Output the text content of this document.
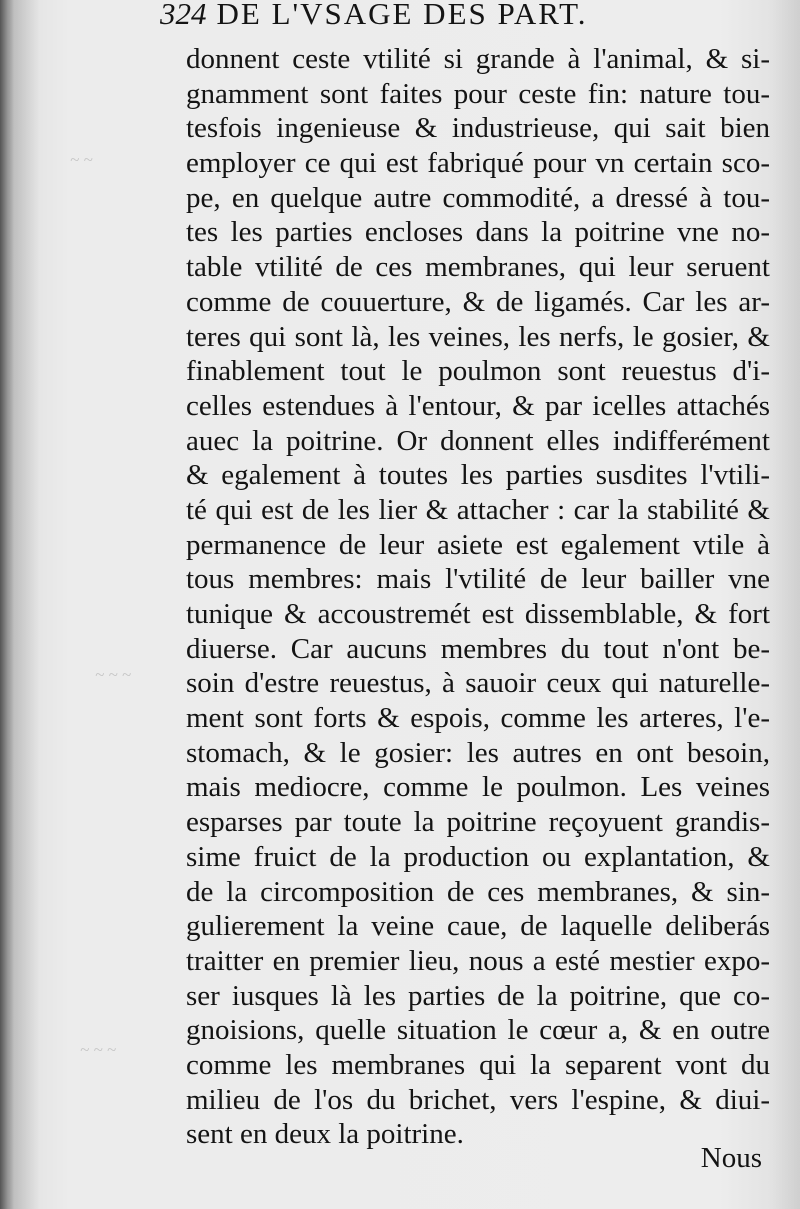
~ ~
~ ~ ~
~ ~ ~
324 DE L'VSAGE DES PART.
donnent ceste vtilité si grande à l'animal, & si-
gnamment sont faites pour ceste fin: nature tou-
tesfois ingenieuse & industrieuse, qui sait bien
employer ce qui est fabriqué pour vn certain sco-
pe, en quelque autre commodité, a dressé à tou-
tes les parties encloses dans la poitrine vne no-
table vtilité de ces membranes, qui leur seruent
comme de couuerture, & de ligamés. Car les ar-
teres qui sont là, les veines, les nerfs, le gosier, &
finablement tout le poulmon sont reuestus d'i-
celles estendues à l'entour, & par icelles attachés
auec la poitrine. Or donnent elles indifferément
& egalement à toutes les parties susdites l'vtili-
té qui est de les lier & attacher : car la stabilité &
permanence de leur asiete est egalement vtile à
tous membres: mais l'vtilité de leur bailler vne
tunique & accoustremét est dissemblable, & fort
diuerse. Car aucuns membres du tout n'ont be-
soin d'estre reuestus, à sauoir ceux qui naturelle-
ment sont forts & espois, comme les arteres, l'e-
stomach, & le gosier: les autres en ont besoin,
mais mediocre, comme le poulmon. Les veines
esparses par toute la poitrine reçoyuent grandis-
sime fruict de la production ou explantation, &
de la circomposition de ces membranes, & sin-
gulierement la veine caue, de laquelle deliberás
traitter en premier lieu, nous a esté mestier expo-
ser iusques là les parties de la poitrine, que co-
gnoisions, quelle situation le cœur a, & en outre
comme les membranes qui la separent vont du
milieu de l'os du brichet, vers l'espine, & diui-
sent en deux la poitrine.
Nous
